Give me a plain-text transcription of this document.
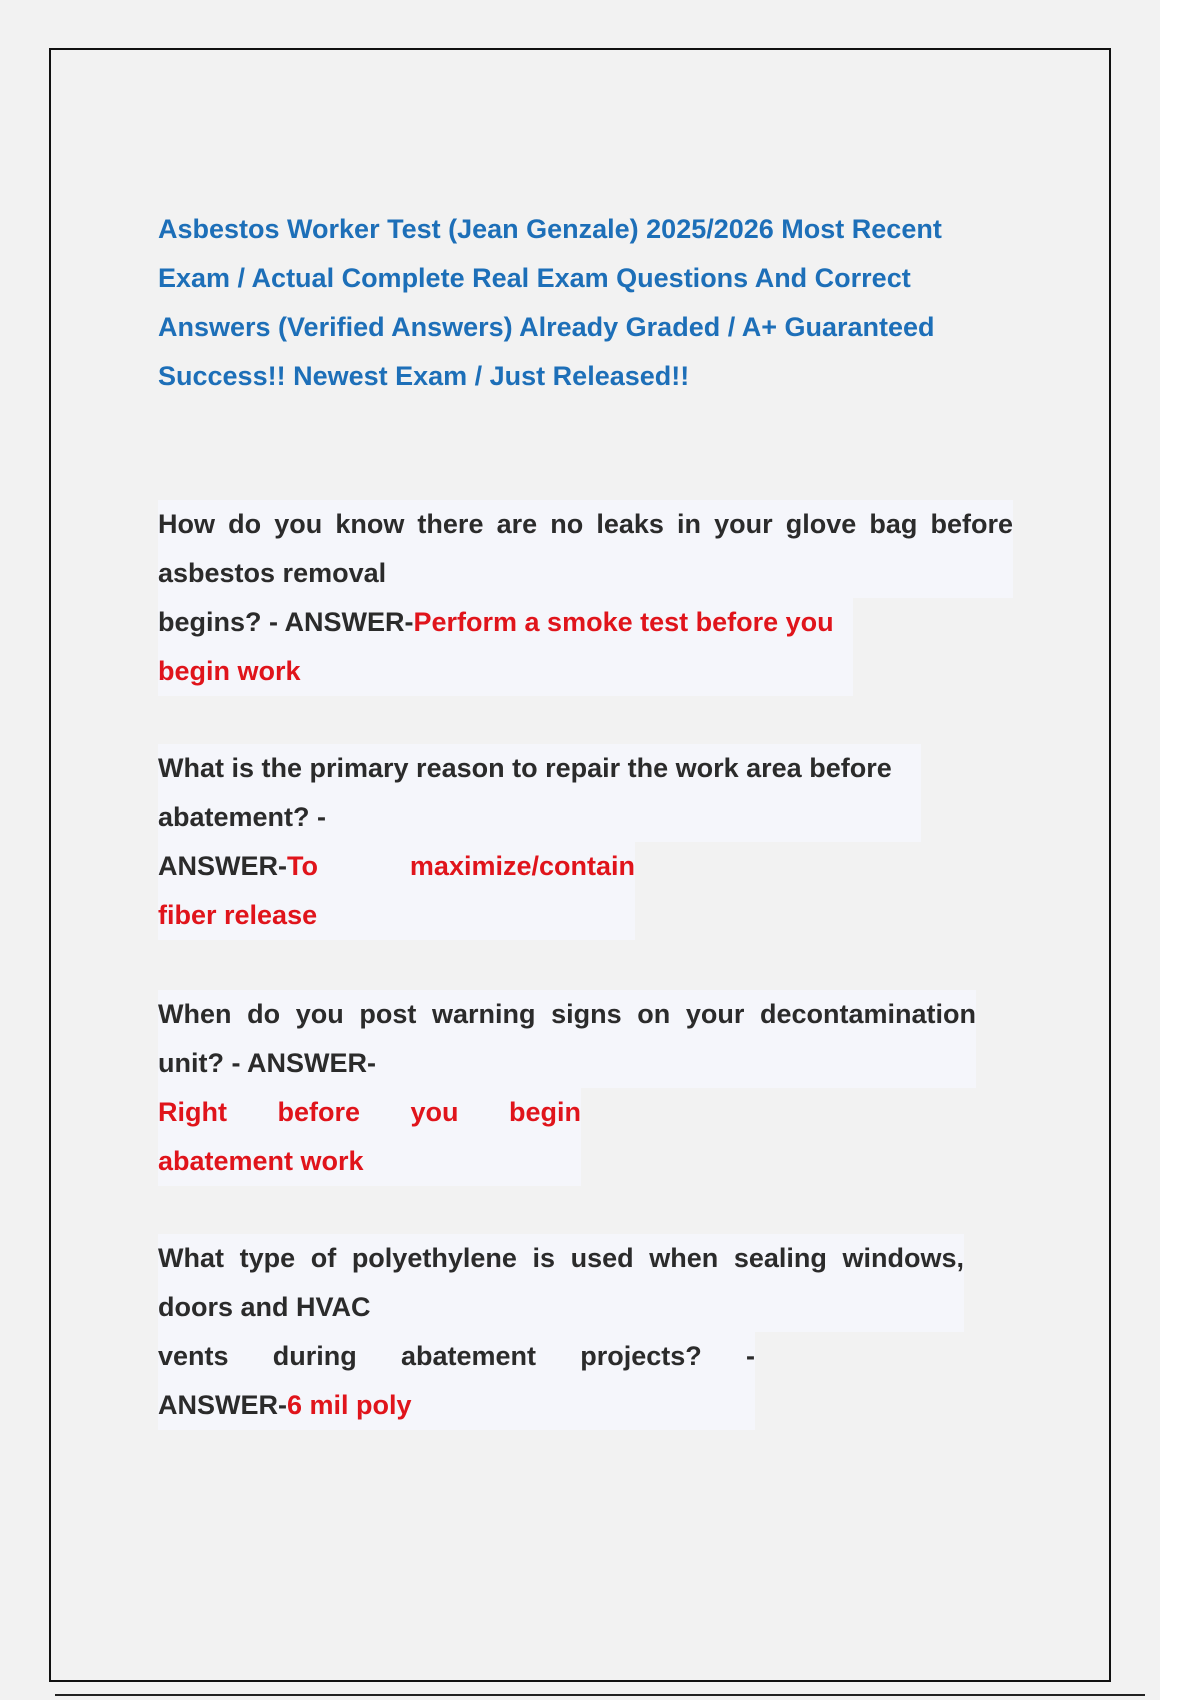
Asbestos Worker Test (Jean Genzale) 2025/2026 Most Recent Exam / Actual Complete Real Exam Questions And Correct Answers (Verified Answers) Already Graded / A+ Guaranteed Success!! Newest Exam / Just Released!!

How do you know there are no leaks in your glove bag before
asbestos removal
begins? - ANSWER-Perform a smoke test before you
begin work
What is the primary reason to repair the work area before
abatement? -
ANSWER-To maximize/contain
fiber release
When do you post warning signs on your decontamination
unit? - ANSWER-
Right before you begin
abatement work
What type of polyethylene is used when sealing windows,
doors and HVAC
vents during abatement projects? -
ANSWER-6 mil poly
